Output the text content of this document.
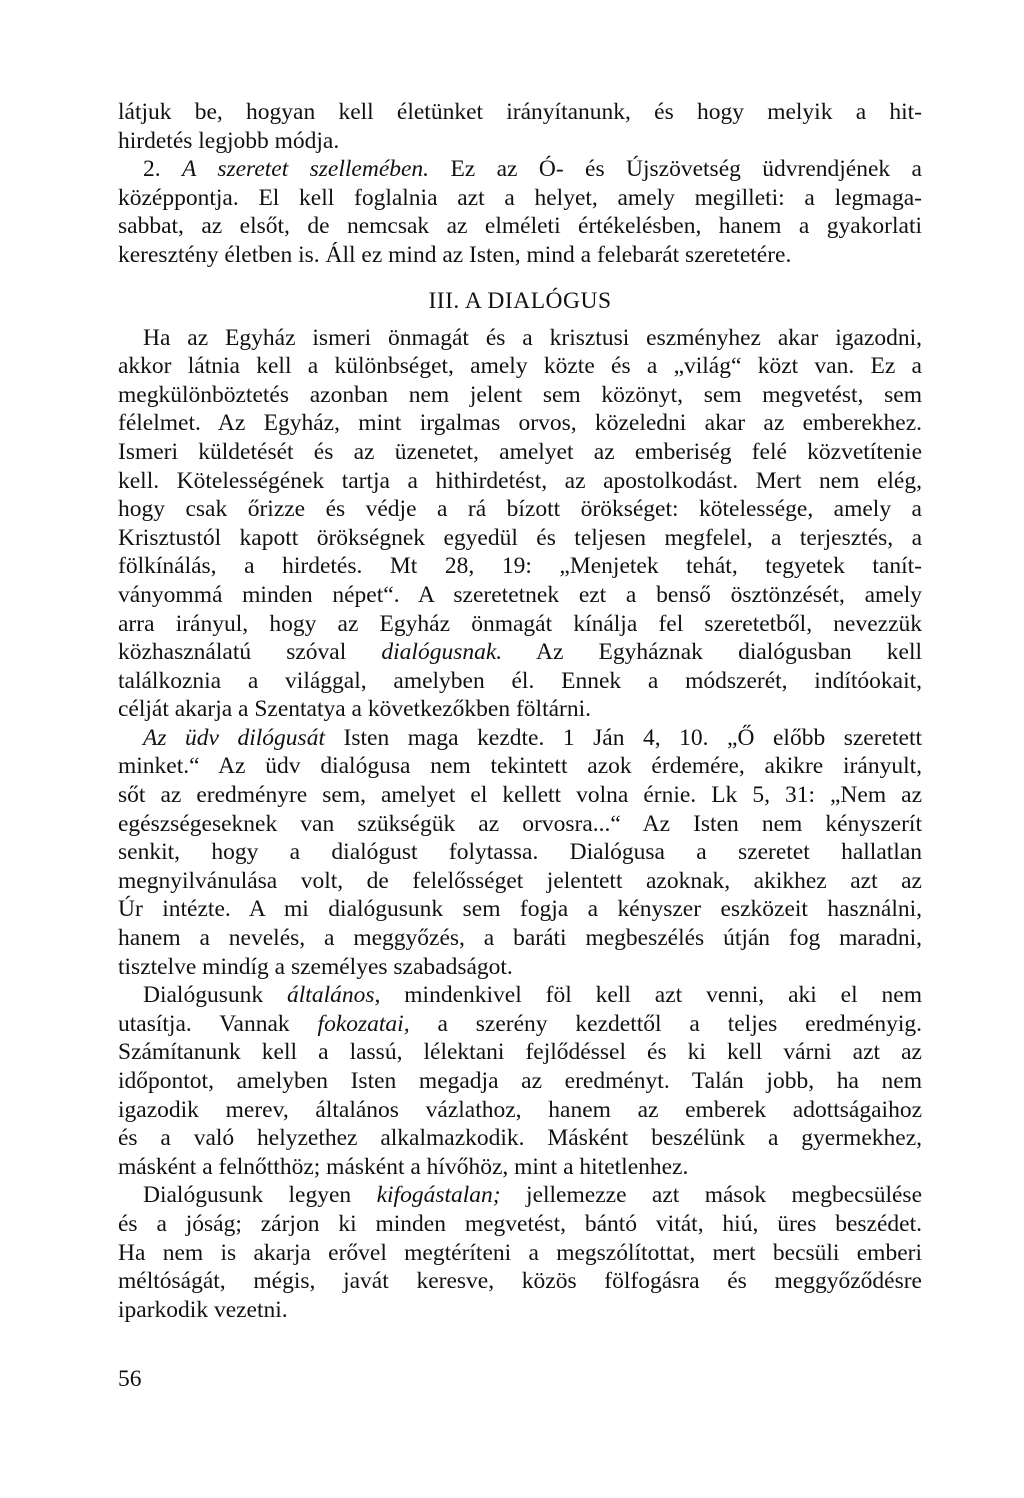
látjuk be, hogyan kell életünket irányítanunk, és hogy melyik a hit-
hirdetés legjobb módja.
2. A szeretet szellemében. Ez az Ó- és Újszövetség üdvrendjének a
középpontja. El kell foglalnia azt a helyet, amely megilleti: a legmaga-
sabbat, az elsőt, de nemcsak az elméleti értékelésben, hanem a gyakorlati
keresztény életben is. Áll ez mind az Isten, mind a felebarát szeretetére.
III. A DIALÓGUS
Ha az Egyház ismeri önmagát és a krisztusi eszményhez akar igazodni,
akkor látnia kell a különbséget, amely közte és a „világ“ közt van. Ez a
megkülönböztetés azonban nem jelent sem közönyt, sem megvetést, sem
félelmet. Az Egyház, mint irgalmas orvos, közeledni akar az emberekhez.
Ismeri küldetését és az üzenetet, amelyet az emberiség felé közvetítenie
kell. Kötelességének tartja a hithirdetést, az apostolkodást. Mert nem elég,
hogy csak őrizze és védje a rá bízott örökséget: kötelessége, amely a
Krisztustól kapott örökségnek egyedül és teljesen megfelel, a terjesztés, a
fölkínálás, a hirdetés. Mt 28, 19: „Menjetek tehát, tegyetek tanít-
ványommá minden népet“. A szeretetnek ezt a benső ösztönzését, amely
arra irányul, hogy az Egyház önmagát kínálja fel szeretetből, nevezzük
közhasználatú szóval dialógusnak. Az Egyháznak dialógusban kell
találkoznia a világgal, amelyben él. Ennek a módszerét, indítóokait,
célját akarja a Szentatya a következőkben föltárni.
Az üdv dilógusát Isten maga kezdte. 1 Ján 4, 10. „Ő előbb szeretett
minket.“ Az üdv dialógusa nem tekintett azok érdemére, akikre irányult,
sőt az eredményre sem, amelyet el kellett volna érnie. Lk 5, 31: „Nem az
egészségeseknek van szükségük az orvosra...“ Az Isten nem kényszerít
senkit, hogy a dialógust folytassa. Dialógusa a szeretet hallatlan
megnyilvánulása volt, de felelősséget jelentett azoknak, akikhez azt az
Úr intézte. A mi dialógusunk sem fogja a kényszer eszközeit használni,
hanem a nevelés, a meggyőzés, a baráti megbeszélés útján fog maradni,
tisztelve mindíg a személyes szabadságot.
Dialógusunk általános, mindenkivel föl kell azt venni, aki el nem
utasítja. Vannak fokozatai, a szerény kezdettől a teljes eredményig.
Számítanunk kell a lassú, lélektani fejlődéssel és ki kell várni azt az
időpontot, amelyben Isten megadja az eredményt. Talán jobb, ha nem
igazodik merev, általános vázlathoz, hanem az emberek adottságaihoz
és a való helyzethez alkalmazkodik. Másként beszélünk a gyermekhez,
másként a felnőtthöz; másként a hívőhöz, mint a hitetlenhez.
Dialógusunk legyen kifogástalan; jellemezze azt mások megbecsülése
és a jóság; zárjon ki minden megvetést, bántó vitát, hiú, üres beszédet.
Ha nem is akarja erővel megtéríteni a megszólítottat, mert becsüli emberi
méltóságát, mégis, javát keresve, közös fölfogásra és meggyőződésre
iparkodik vezetni.
56
